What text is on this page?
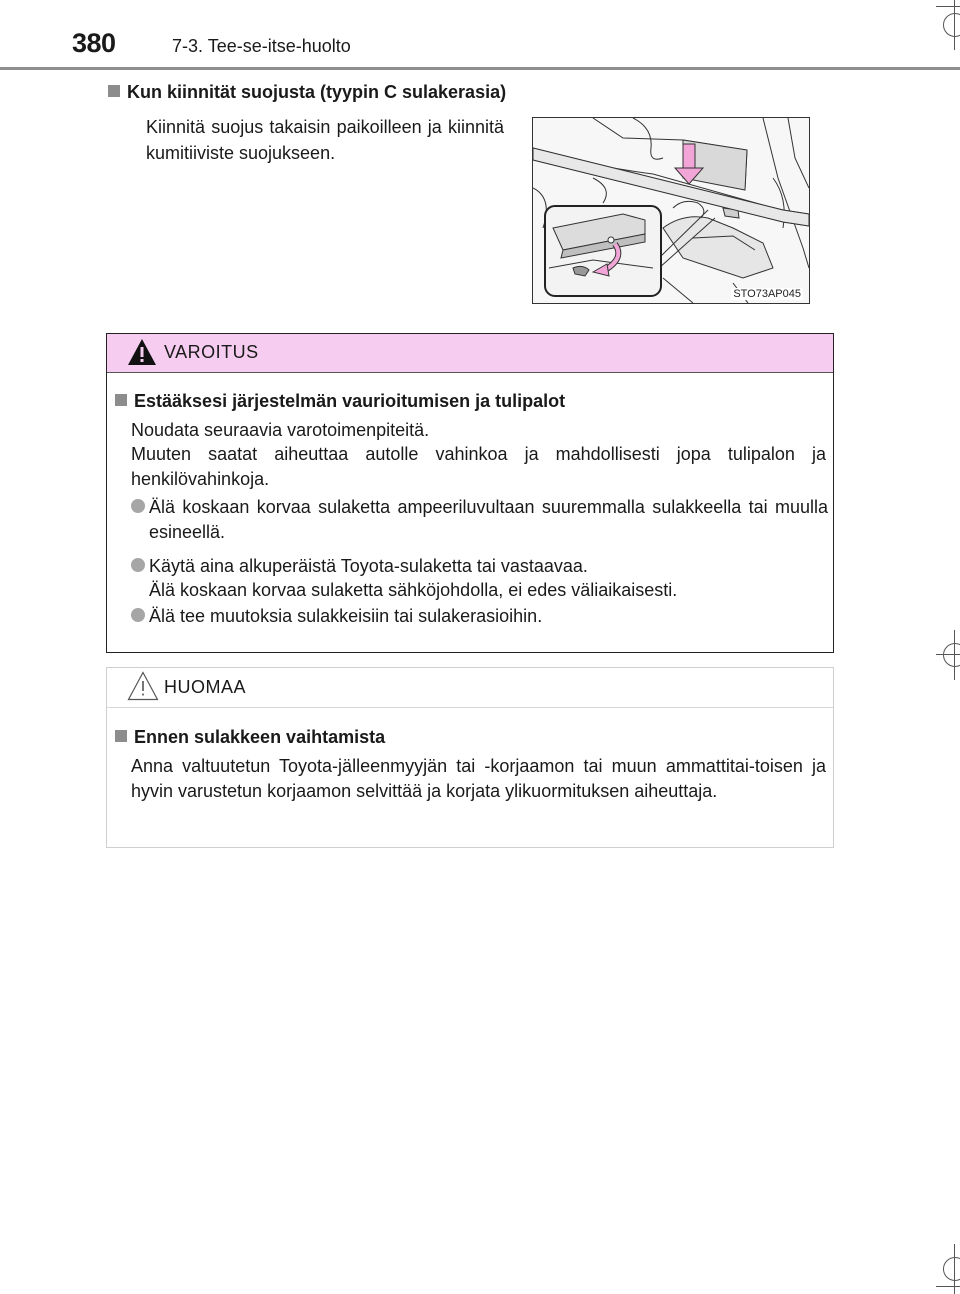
380	7-3. Tee-se-itse-huolto
Kun kiinnität suojusta (tyypin C sulakerasia)
Kiinnitä suojus takaisin paikoilleen ja kiinnitä kumitiiviste suojukseen.
STO73AP045
VAROITUS
Estääksesi järjestelmän vaurioitumisen ja tulipalot
Noudata seuraavia varotoimenpiteitä.
Muuten saatat aiheuttaa autolle vahinkoa ja mahdollisesti jopa tulipalon ja henkilövahinkoja.
Älä koskaan korvaa sulaketta ampeeriluvultaan suuremmalla sulakkeella tai muulla esineellä.
Käytä aina alkuperäistä Toyota-sulaketta tai vastaavaa.
Älä koskaan korvaa sulaketta sähköjohdolla, ei edes väliaikaisesti.
Älä tee muutoksia sulakkeisiin tai sulakerasioihin.
HUOMAA
Ennen sulakkeen vaihtamista
Anna valtuutetun Toyota-jälleenmyyjän tai -korjaamon tai muun ammattitai-toisen ja hyvin varustetun korjaamon selvittää ja korjata ylikuormituksen aiheuttaja.
